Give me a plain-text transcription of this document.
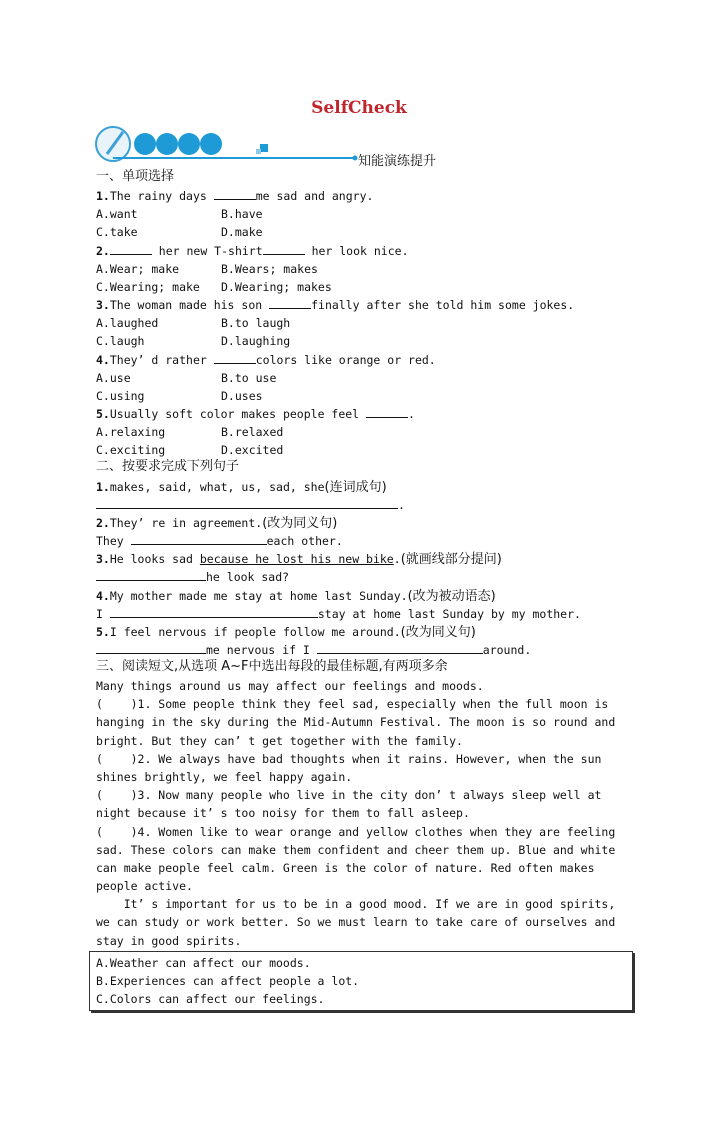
SelfCheck
知能演练提升
一、单项选择
1.The rainy days	me sad and angry.
A.want	B.have
C.take	D.make
2.	her new T-shirt	her look nice.
A.Wear; make	B.Wears; makes
C.Wearing; make D.Wearing; makes
3.The woman made his son	finally after she told him some jokes.
A.laughed	B.to laugh
C.laugh	D.laughing
4.They’ d rather	colors like orange or red.
A.use	B.to use
C.using	D.uses
5.Usually soft color makes people feel	.
A.relaxing	B.relaxed
C.exciting	D.excited
二、按要求完成下列句子
1.makes, said, what, us, sad, she(连词成句)
.
2.They’ re in agreement.(改为同义句)
They	each other.
3.He looks sad because he lost his new bike.(就画线部分提问)
he look sad?
4.My mother made me stay at home last Sunday.(改为被动语态)
I	stay at home last Sunday by my mother.
5.I feel nervous if people follow me around.(改为同义句)
me nervous if I	around.
三、阅读短文,从选项 A~F中选出每段的最佳标题,有两项多余
Many things around us may affect our feelings and moods.
(    )1. Some people think they feel sad, especially when the full moon is
hanging in the sky during the Mid-Autumn Festival. The moon is so round and
bright. But they can’ t get together with the family.
(    )2. We always have bad thoughts when it rains. However, when the sun
shines brightly, we feel happy again.
(    )3. Now many people who live in the city don’ t always sleep well at
night because it’ s too noisy for them to fall asleep.
(    )4. Women like to wear orange and yellow clothes when they are feeling
sad. These colors can make them confident and cheer them up. Blue and white
can make people feel calm. Green is the color of nature. Red often makes
people active.
It’ s important for us to be in a good mood. If we are in good spirits,
we can study or work better. So we must learn to take care of ourselves and
stay in good spirits.
A.Weather can affect our moods.
B.Experiences can affect people a lot.
C.Colors can affect our feelings.
